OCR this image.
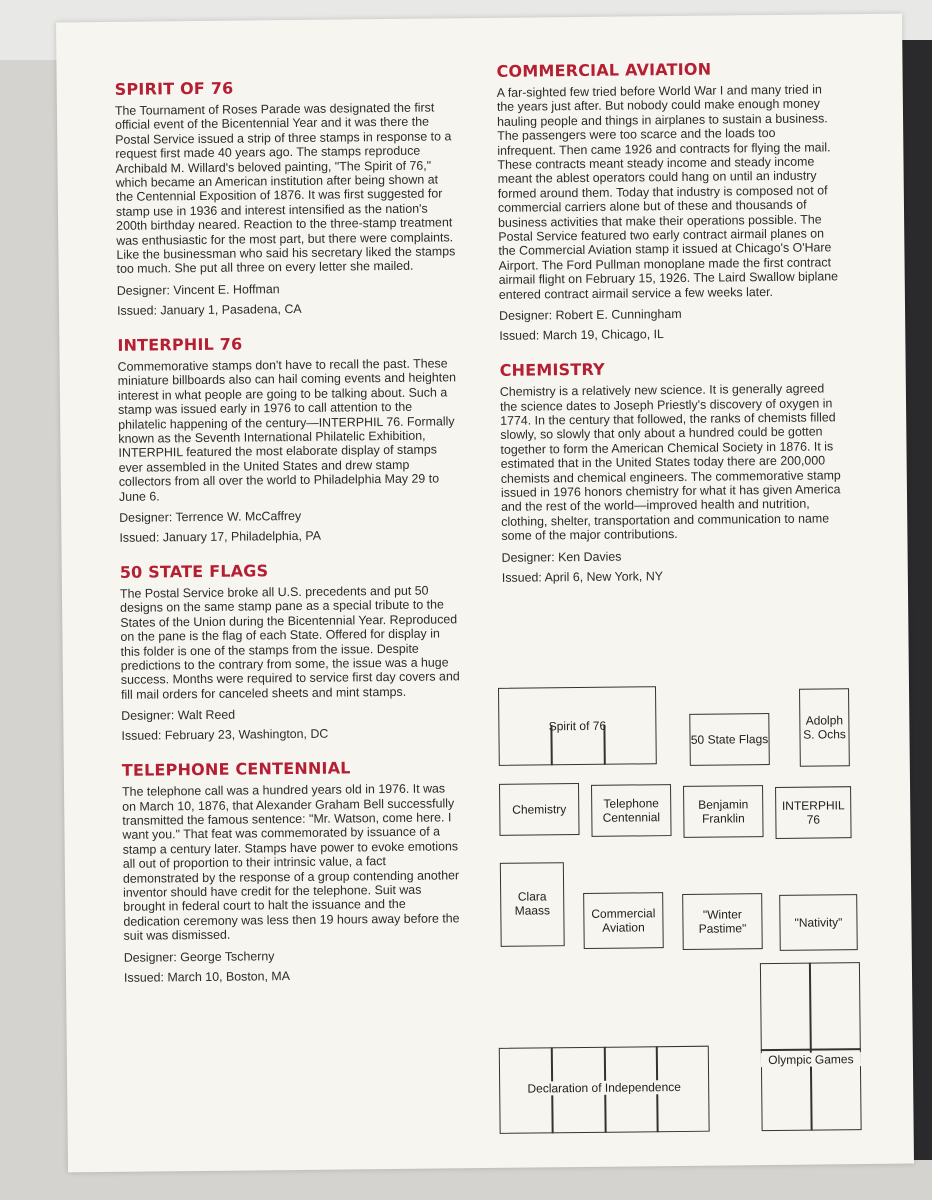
SPIRIT OF 76

The Tournament of Roses Parade was designated the first official event of the Bicentennial Year and it was there the Postal Service issued a strip of three stamps in response to a request first made 40 years ago. The stamps reproduce Archibald M. Willard's beloved painting, "The Spirit of 76," which became an American institution after being shown at the Centennial Exposition of 1876. It was first suggested for stamp use in 1936 and interest intensified as the nation's 200th birthday neared. Reaction to the three-stamp treatment was enthusiastic for the most part, but there were complaints. Like the businessman who said his secretary liked the stamps too much. She put all three on every letter she mailed.

Designer: Vincent E. Hoffman
Issued: January 1, Pasadena, CA
INTERPHIL 76

Commemorative stamps don't have to recall the past. These miniature billboards also can hail coming events and heighten interest in what people are going to be talking about. Such a stamp was issued early in 1976 to call attention to the philatelic happening of the century—INTERPHIL 76. Formally known as the Seventh International Philatelic Exhibition, INTERPHIL featured the most elaborate display of stamps ever assembled in the United States and drew stamp collectors from all over the world to Philadelphia May 29 to June 6.

Designer: Terrence W. McCaffrey
Issued: January 17, Philadelphia, PA
50 STATE FLAGS

The Postal Service broke all U.S. precedents and put 50 designs on the same stamp pane as a special tribute to the States of the Union during the Bicentennial Year. Reproduced on the pane is the flag of each State. Offered for display in this folder is one of the stamps from the issue. Despite predictions to the contrary from some, the issue was a huge success. Months were required to service first day covers and fill mail orders for canceled sheets and mint stamps.

Designer: Walt Reed
Issued: February 23, Washington, DC
TELEPHONE CENTENNIAL

The telephone call was a hundred years old in 1976. It was on March 10, 1876, that Alexander Graham Bell successfully transmitted the famous sentence: "Mr. Watson, come here. I want you." That feat was commemorated by issuance of a stamp a century later. Stamps have power to evoke emotions all out of proportion to their intrinsic value, a fact demonstrated by the response of a group contending another inventor should have credit for the telephone. Suit was brought in federal court to halt the issuance and the dedication ceremony was less then 19 hours away before the suit was dismissed.

Designer: George Tscherny
Issued: March 10, Boston, MA
COMMERCIAL AVIATION

A far-sighted few tried before World War I and many tried in the years just after. But nobody could make enough money hauling people and things in airplanes to sustain a business. The passengers were too scarce and the loads too infrequent. Then came 1926 and contracts for flying the mail. These contracts meant steady income and steady income meant the ablest operators could hang on until an industry formed around them. Today that industry is composed not of commercial carriers alone but of these and thousands of business activities that make their operations possible. The Postal Service featured two early contract airmail planes on the Commercial Aviation stamp it issued at Chicago's O'Hare Airport. The Ford Pullman monoplane made the first contract airmail flight on February 15, 1926. The Laird Swallow biplane entered contract airmail service a few weeks later.

Designer: Robert E. Cunningham
Issued: March 19, Chicago, IL
CHEMISTRY

Chemistry is a relatively new science. It is generally agreed the science dates to Joseph Priestly's discovery of oxygen in 1774. In the century that followed, the ranks of chemists filled slowly, so slowly that only about a hundred could be gotten together to form the American Chemical Society in 1876. It is estimated that in the United States today there are 200,000 chemists and chemical engineers. The commemorative stamp issued in 1976 honors chemistry for what it has given America and the rest of the world—improved health and nutrition, clothing, shelter, transportation and communication to name some of the major contributions.

Designer: Ken Davies
Issued: April 6, New York, NY
Spirit of 76
50 State Flags
Adolph S. Ochs
Chemistry	Telephone Centennial
Benjamin Franklin
INTERPHIL 76
Clara Maass	Commercial Aviation
"Winter Pastime"	"Nativity"
Olympic Games
Declaration of Independence
